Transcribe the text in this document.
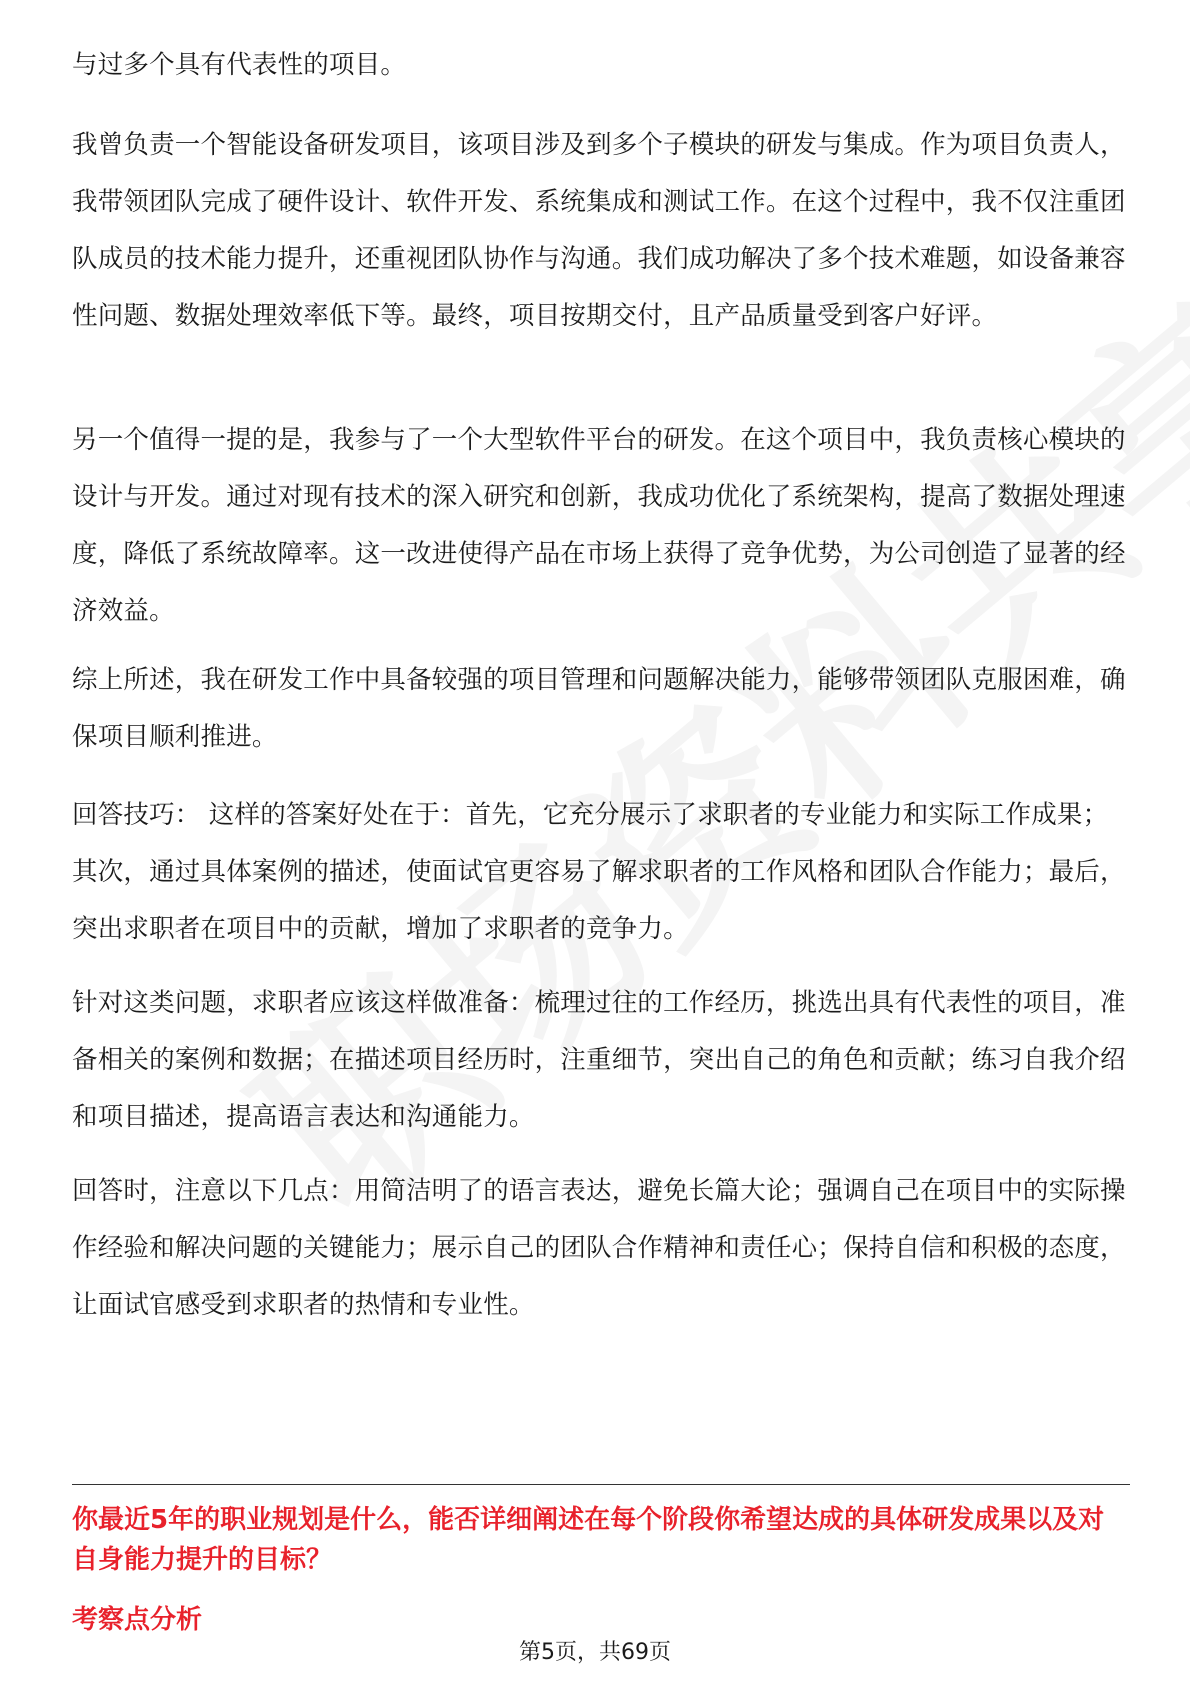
与过多个具有代表性的项目。

我曾负责一个智能设备研发项目，该项目涉及到多个子模块的研发与集成。作为项目负责人，我带领团队完成了硬件设计、软件开发、系统集成和测试工作。在这个过程中，我不仅注重团队成员的技术能力提升，还重视团队协作与沟通。我们成功解决了多个技术难题，如设备兼容性问题、数据处理效率低下等。最终，项目按期交付，且产品质量受到客户好评。

另一个值得一提的是，我参与了一个大型软件平台的研发。在这个项目中，我负责核心模块的设计与开发。通过对现有技术的深入研究和创新，我成功优化了系统架构，提高了数据处理速度，降低了系统故障率。这一改进使得产品在市场上获得了竞争优势，为公司创造了显著的经济效益。

综上所述，我在研发工作中具备较强的项目管理和问题解决能力，能够带领团队克服困难，确保项目顺利推进。

回答技巧： 这样的答案好处在于：首先，它充分展示了求职者的专业能力和实际工作成果；其次，通过具体案例的描述，使面试官更容易了解求职者的工作风格和团队合作能力；最后，突出求职者在项目中的贡献，增加了求职者的竞争力。

针对这类问题，求职者应该这样做准备：梳理过往的工作经历，挑选出具有代表性的项目，准备相关的案例和数据；在描述项目经历时，注重细节，突出自己的角色和贡献；练习自我介绍和项目描述，提高语言表达和沟通能力。

回答时，注意以下几点：用简洁明了的语言表达，避免长篇大论；强调自己在项目中的实际操作经验和解决问题的关键能力；展示自己的团队合作精神和责任心；保持自信和积极的态度，让面试官感受到求职者的热情和专业性。

你最近5年的职业规划是什么，能否详细阐述在每个阶段你希望达成的具体研发成果以及对自身能力提升的目标？

考察点分析

第5页，共69页
